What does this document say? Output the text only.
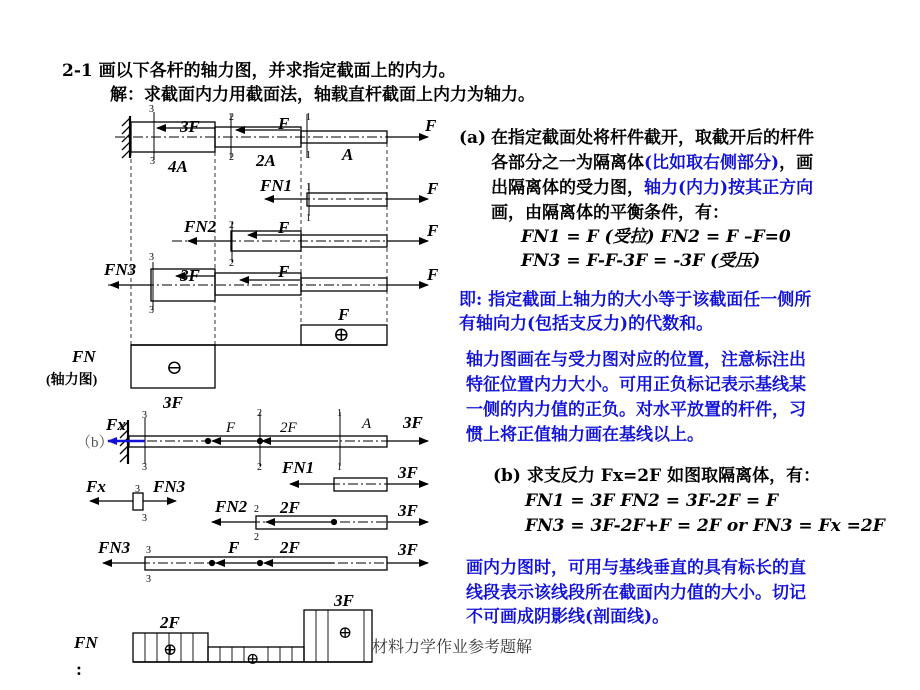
2-1 画以下各杆的轴力图，并求指定截面上的内力。
解：求截面内力用截面法，轴载直杆截面上内力为轴力。
(a) 在指定截面处将杆件截开，取截开后的杆件
各部分之一为隔离体(比如取右侧部分)，画
出隔离体的受力图，轴力(内力)按其正方向
画，由隔离体的平衡条件，有：
FN1 = F (受拉) FN2 = F –F=0
FN3 = F-F-3F = -3F (受压)
即: 指定截面上轴力的大小等于该截面任一侧所
有轴向力(包括支反力)的代数和。
轴力图画在与受力图对应的位置，注意标注出
特征位置内力大小。可用正负标记表示基线某
一侧的内力值的正负。对水平放置的杆件，习
惯上将正值轴力画在基线以上。
(b) 求支反力 Fx=2F 如图取隔离体，有：
FN1 = 3F FN2 = 3F-2F = F
FN3 = 3F-2F+F = 2F or FN3 = Fx =2F
画内力图时，可用与基线垂直的具有标长的直
线段表示该线段所在截面内力值的大小。切记
不可画成阴影线(剖面线)。
材料力学作业参考题解
3F	F	F
4A	2A	A
FN1	F
FN2	F	F
FN3	3F	F	F
F
FN
3F
Fx	3F
FN1	3F
Fx	FN3
FN2 2F	3F
FN3	F 2F	3F
2F
3F
FN
F	2F	A
3
3
2
2
1
1
1
1
2
2
3
3
3
3
2
2
1
1
3
3
2
2
3
3
⊕
⊖
⊕
⊕
⊕
(轴力图)
（b）
:
